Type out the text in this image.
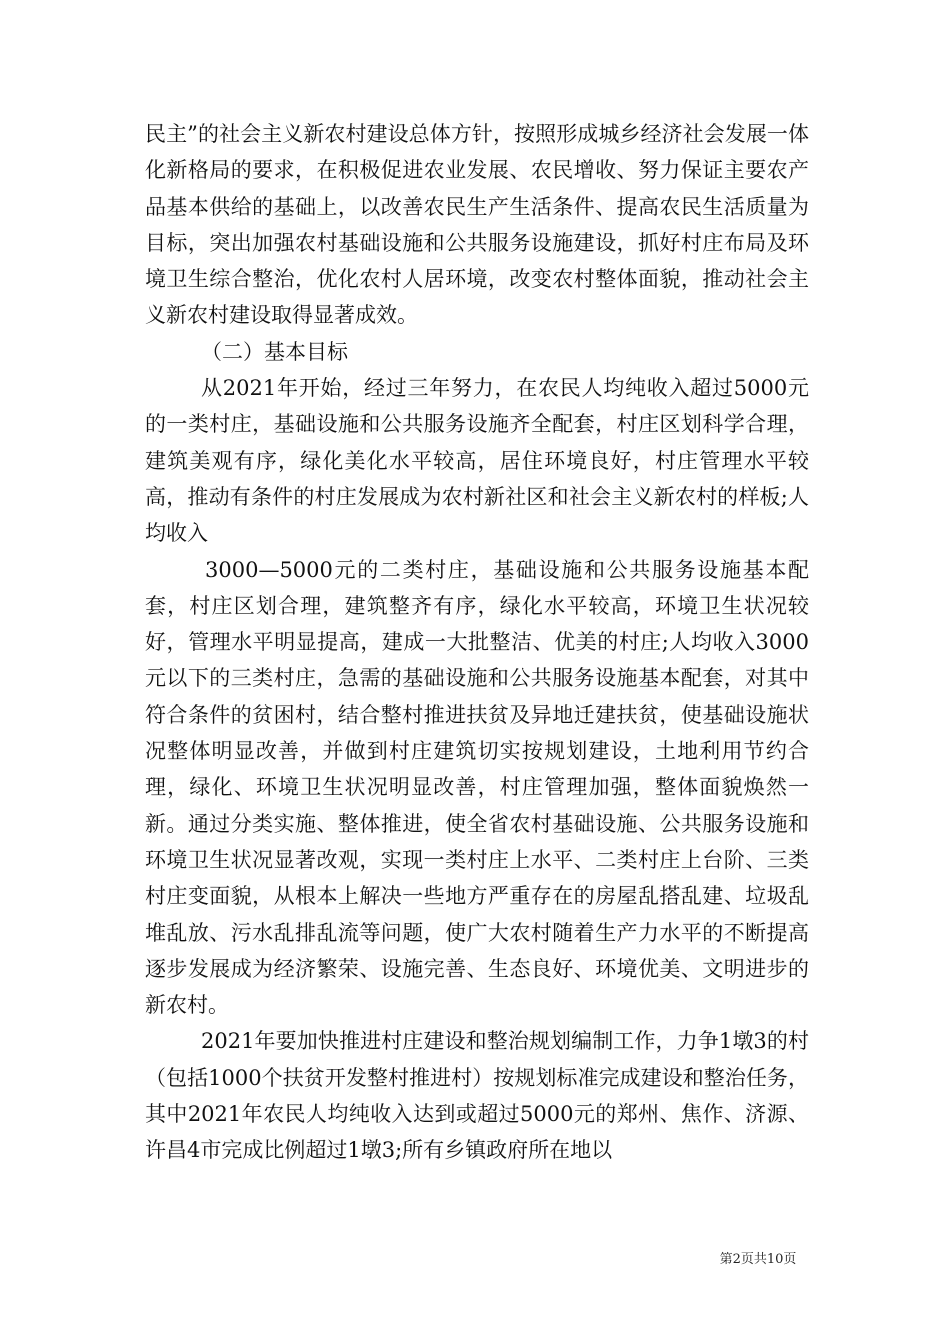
民主”的社会主义新农村建设总体方针，按照形成城乡经济社会发展一体化新格局的要求，在积极促进农业发展、农民增收、努力保证主要农产品基本供给的基础上，以改善农民生产生活条件、提高农民生活质量为目标，突出加强农村基础设施和公共服务设施建设，抓好村庄布局及环境卫生综合整治，优化农村人居环境，改变农村整体面貌，推动社会主义新农村建设取得显著成效。

（二）基本目标

从2021年开始，经过三年努力，在农民人均纯收入超过5000元的一类村庄，基础设施和公共服务设施齐全配套，村庄区划科学合理，建筑美观有序，绿化美化水平较高，居住环境良好，村庄管理水平较高，推动有条件的村庄发展成为农村新社区和社会主义新农村的样板;人均收入

3000—5000元的二类村庄，基础设施和公共服务设施基本配套，村庄区划合理，建筑整齐有序，绿化水平较高，环境卫生状况较好，管理水平明显提高，建成一大批整洁、优美的村庄;人均收入3000元以下的三类村庄，急需的基础设施和公共服务设施基本配套，对其中符合条件的贫困村，结合整村推进扶贫及异地迁建扶贫，使基础设施状况整体明显改善，并做到村庄建筑切实按规划建设，土地利用节约合理，绿化、环境卫生状况明显改善，村庄管理加强，整体面貌焕然一新。通过分类实施、整体推进，使全省农村基础设施、公共服务设施和环境卫生状况显著改观，实现一类村庄上水平、二类村庄上台阶、三类村庄变面貌，从根本上解决一些地方严重存在的房屋乱搭乱建、垃圾乱堆乱放、污水乱排乱流等问题，使广大农村随着生产力水平的不断提高逐步发展成为经济繁荣、设施完善、生态良好、环境优美、文明进步的新农村。

2021年要加快推进村庄建设和整治规划编制工作，力争1墩3的村（包括1000个扶贫开发整村推进村）按规划标准完成建设和整治任务，其中2021年农民人均纯收入达到或超过5000元的郑州、焦作、济源、许昌4市完成比例超过1墩3;所有乡镇政府所在地以

第2页共10页
